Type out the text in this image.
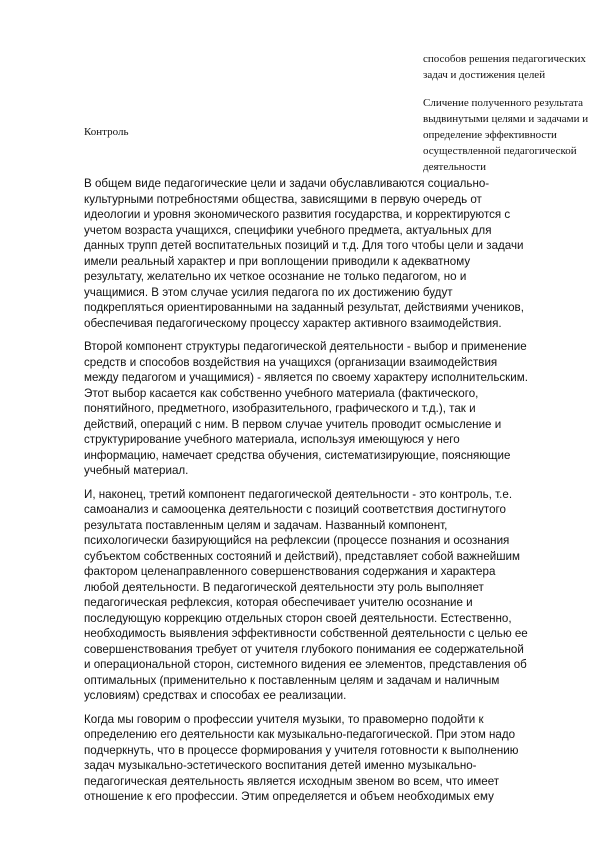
способов решения педагогических
задач и достижения целей
Контроль
Сличение полученного результата
выдвинутыми целями и задачами и
определение эффективности
осуществленной педагогической
деятельности

В общем виде педагогические цели и задачи обуславливаются социально-
культурными потребностями общества, зависящими в первую очередь от
идеологии и уровня экономического развития государства, и корректируются с
учетом возраста учащихся, специфики учебного предмета, актуальных для
данных трупп детей воспитательных позиций и т.д. Для того чтобы цели и задачи
имели реальный характер и при воплощении приводили к адекватному
результату, желательно их четкое осознание не только педагогом, но и
учащимися. В этом случае усилия педагога по их достижению будут
подкрепляться ориентированными на заданный результат, действиями учеников,
обеспечивая педагогическому процессу характер активного взаимодействия.

Второй компонент структуры педагогической деятельности - выбор и применение
средств и способов воздействия на учащихся (организации взаимодействия
между педагогом и учащимися) - является по своему характеру исполнительским.
Этот выбор касается как собственно учебного материала (фактического,
понятийного, предметного, изобразительного, графического и т.д.), так и
действий, операций с ним. В первом случае учитель проводит осмысление и
структурирование учебного материала, используя имеющуюся у него
информацию, намечает средства обучения, систематизирующие, поясняющие
учебный материал.

И, наконец, третий компонент педагогической деятельности - это контроль, т.е.
самоанализ и самооценка деятельности с позиций соответствия достигнутого
результата поставленным целям и задачам. Названный компонент,
психологически базирующийся на рефлексии (процессе познания и осознания
субъектом собственных состояний и действий), представляет собой важнейшим
фактором целенаправленного совершенствования содержания и характера
любой деятельности. В педагогической деятельности эту роль выполняет
педагогическая рефлексия, которая обеспечивает учителю осознание и
последующую коррекцию отдельных сторон своей деятельности. Естественно,
необходимость выявления эффективности собственной деятельности с целью ее
совершенствования требует от учителя глубокого понимания ее содержательной
и операциональной сторон, системного видения ее элементов, представления об
оптимальных (применительно к поставленным целям и задачам и наличным
условиям) средствах и способах ее реализации.

Когда мы говорим о профессии учителя музыки, то правомерно подойти к
определению его деятельности как музыкально-педагогической. При этом надо
подчеркнуть, что в процессе формирования у учителя готовности к выполнению
задач музыкально-эстетического воспитания детей именно музыкально-
педагогическая деятельность является исходным звеном во всем, что имеет
отношение к его профессии. Этим определяется и объем необходимых ему
